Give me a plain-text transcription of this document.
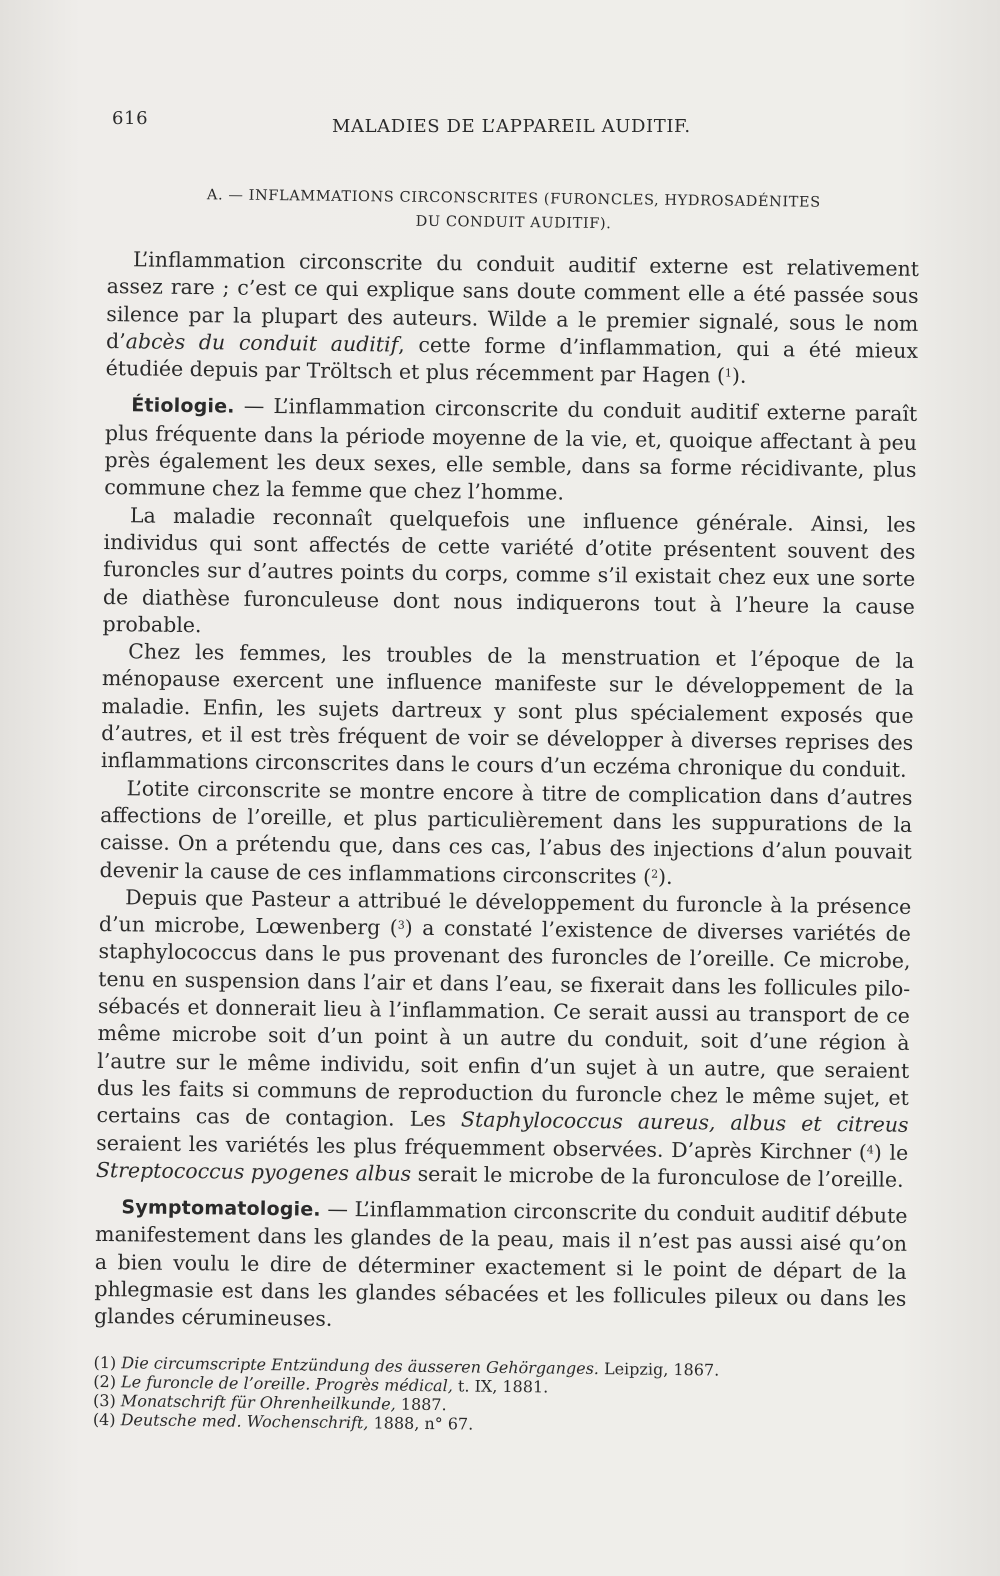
616	MALADIES DE L’APPAREIL AUDITIF.
A. — INFLAMMATIONS CIRCONSCRITES (FURONCLES, HYDROSADÉNITES
DU CONDUIT AUDITIF).

L’inflammation circonscrite du conduit auditif externe est relativement assez rare ; c’est ce qui explique sans doute comment elle a été passée sous silence par la plupart des auteurs. Wilde a le premier signalé, sous le nom d’abcès du conduit auditif, cette forme d’inflammation, qui a été mieux étudiée depuis par Tröltsch et plus récemment par Hagen ($^1$).

Étiologie. — L’inflammation circonscrite du conduit auditif externe paraît plus fréquente dans la période moyenne de la vie, et, quoique affectant à peu près également les deux sexes, elle semble, dans sa forme récidivante, plus commune chez la femme que chez l’homme.

La maladie reconnaît quelquefois une influence générale. Ainsi, les individus qui sont affectés de cette variété d’otite présentent souvent des furoncles sur d’autres points du corps, comme s’il existait chez eux une sorte de diathèse furonculeuse dont nous indiquerons tout à l’heure la cause probable.

Chez les femmes, les troubles de la menstruation et l’époque de la ménopause exercent une influence manifeste sur le développement de la maladie. Enfin, les sujets dartreux y sont plus spécialement exposés que d’autres, et il est très fréquent de voir se développer à diverses reprises des inflammations circonscrites dans le cours d’un eczéma chronique du conduit.

L’otite circonscrite se montre encore à titre de complication dans d’autres affections de l’oreille, et plus particulièrement dans les suppurations de la caisse. On a prétendu que, dans ces cas, l’abus des injections d’alun pouvait devenir la cause de ces inflammations circonscrites ($^2$).

Depuis que Pasteur a attribué le développement du furoncle à la présence d’un microbe, Lœwenberg ($^3$) a constaté l’existence de diverses variétés de staphylococcus dans le pus provenant des furoncles de l’oreille. Ce microbe, tenu en suspension dans l’air et dans l’eau, se fixerait dans les follicules pilo-sébacés et donnerait lieu à l’inflammation. Ce serait aussi au transport de ce même microbe soit d’un point à un autre du conduit, soit d’une région à l’autre sur le même individu, soit enfin d’un sujet à un autre, que seraient dus les faits si communs de reproduction du furoncle chez le même sujet, et certains cas de contagion. Les Staphylococcus aureus, albus et citreus seraient les variétés les plus fréquemment observées. D’après Kirchner ($^4$) le Streptococcus pyogenes albus serait le microbe de la furonculose de l’oreille.

Symptomatologie. — L’inflammation circonscrite du conduit auditif débute manifestement dans les glandes de la peau, mais il n’est pas aussi aisé qu’on a bien voulu le dire de déterminer exactement si le point de départ de la phlegmasie est dans les glandes sébacées et les follicules pileux ou dans les glandes cérumineuses.

(1) Die circumscripte Entzündung des äusseren Gehörganges. Leipzig, 1867.
(2) Le furoncle de l’oreille. Progrès médical, t. IX, 1881.
(3) Monatschrift für Ohrenheilkunde, 1887.
(4) Deutsche med. Wochenschrift, 1888, n° 67.
